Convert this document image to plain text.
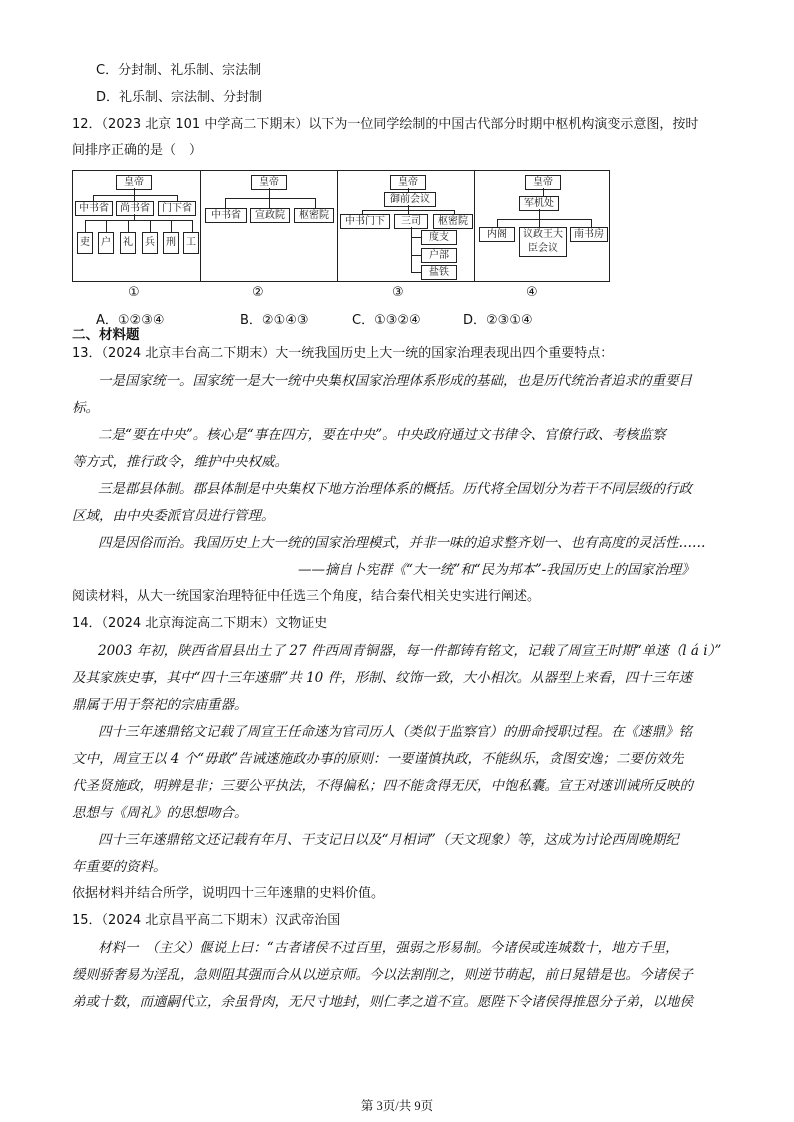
C．分封制、礼乐制、宗法制
D．礼乐制、宗法制、分封制
12．（2023 北京 101 中学高二下期末）以下为一位同学绘制的中国古代部分时期中枢机构演变示意图，按时
间排序正确的是（　）
皇帝
中书省	尚书省	门下省
吏	户	礼	兵	刑	工
皇帝
中书省	宣政院	枢密院
皇帝
御前会议
中书门下	三司	枢密院
度支
户部
盐铁
皇帝
军机处
内阁	议政王大臣会议
南书房
①	②	③	④
A．①②③④	B．②①④③	C．①③②④	D．②③①④
二、材料题
13．（2024 北京丰台高二下期末）大一统我国历史上大一统的国家治理表现出四个重要特点：
一是国家统一。国家统一是大一统中央集权国家治理体系形成的基础，也是历代统治者追求的重要目
标。
二是“要在中央”。核心是“事在四方，要在中央”。中央政府通过文书律令、官僚行政、考核监察
等方式，推行政令，维护中央权威。
三是郡县体制。郡县体制是中央集权下地方治理体系的概括。历代将全国划分为若干不同层级的行政
区域，由中央委派官员进行管理。
四是因俗而治。我国历史上大一统的国家治理模式，并非一味的追求整齐划一、也有高度的灵活性……
——摘自卜宪群《“大一统”和“民为邦本”-我国历史上的国家治理》
阅读材料，从大一统国家治理特征中任选三个角度，结合秦代相关史实进行阐述。
14．（2024 北京海淀高二下期末）文物证史
2003 年初，陕西省眉县出土了 27 件西周青铜器，每一件都铸有铭文，记载了周宣王时期“单逨（l á i）”
及其家族史事，其中“四十三年逨鼎”共 10 件，形制、纹饰一致，大小相次。从器型上来看，四十三年逨
鼎属于用于祭祀的宗庙重器。
四十三年逨鼎铭文记载了周宣王任命逨为官司历人（类似于监察官）的册命授职过程。在《逨鼎》铭
文中，周宣王以 4 个“毋敢”告诫逨施政办事的原则：一要谨慎执政，不能纵乐，贪图安逸；二要仿效先
代圣贤施政，明辨是非；三要公平执法，不得偏私；四不能贪得无厌，中饱私囊。宣王对逨训诫所反映的
思想与《周礼》的思想吻合。
四十三年逨鼎铭文还记载有年月、干支记日以及“月相词”（天文现象）等，这成为讨论西周晚期纪
年重要的资料。
依据材料并结合所学，说明四十三年逨鼎的史料价值。
15．（2024 北京昌平高二下期末）汉武帝治国
材料一　（主父）偃说上曰：“古者诸侯不过百里，强弱之形易制。今诸侯或连城数十，地方千里，
缓则骄奢易为淫乱，急则阻其强而合从以逆京师。今以法割削之，则逆节萌起，前日晁错是也。今诸侯子
弟或十数，而適嗣代立，余虽骨肉，无尺寸地封，则仁孝之道不宣。愿陛下令诸侯得推恩分子弟，以地侯
第 3页/共 9页
